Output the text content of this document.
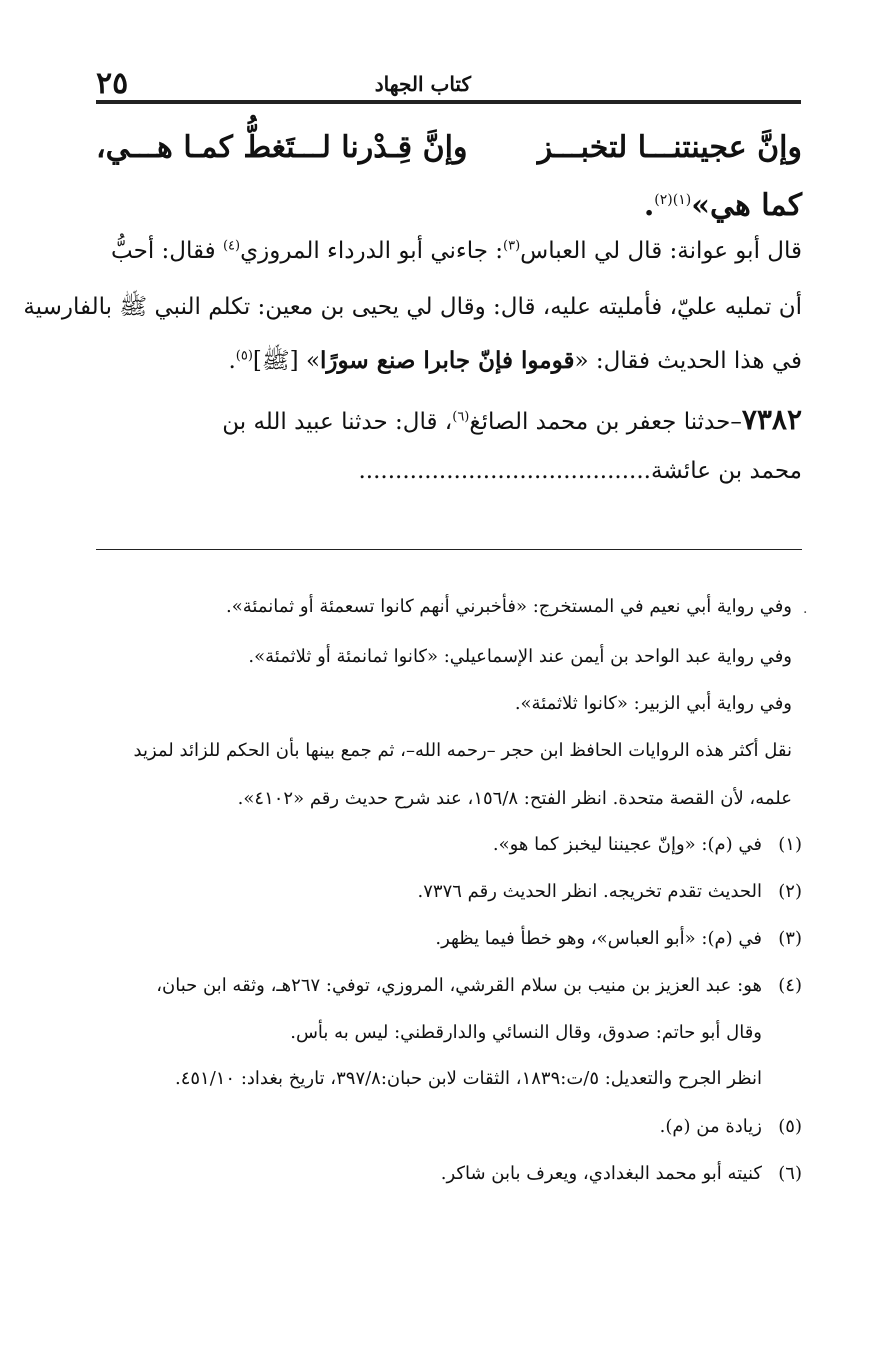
كتاب الجهاد
٢٥
وإنَّ عجينتنـــا لتخبـــز
وإنَّ قِـدْرنا لـــتَغطُّ كمـا هـــي،
كما هي»$^{(١)(٢)}$.
قال أبو عوانة: قال لي العباس$^{(٣)}$: جاءني أبو الدرداء المروزي$^{(٤)}$ فقال: أحبُّ
أن تمليه عليّ، فأمليته عليه، قال: وقال لي يحيى بن معين: تكلم النبي ﷺ بالفارسية
في هذا الحديث فقال: «قوموا فإنّ جابرا صنع سورًا» [ﷺ]$^{(٥)}$.
٧٣٨٢–حدثنا جعفر بن محمد الصائغ$^{(٦)}$، قال: حدثنا عبيد الله بن
محمد بن عائشة........................................
·
وفي رواية أبي نعيم في المستخرج: «فأخبرني أنهم كانوا تسعمئة أو ثمانمئة».
وفي رواية عبد الواحد بن أيمن عند الإسماعيلي: «كانوا ثمانمئة أو ثلاثمئة».
وفي رواية أبي الزبير: «كانوا ثلاثمئة».
نقل أكثر هذه الروايات الحافظ ابن حجر –رحمه الله–، ثم جمع بينها بأن الحكم للزائد لمزيد
علمه، لأن القصة متحدة. انظر الفتح: ١٥٦/٨، عند شرح حديث رقم «٤١٠٢».
(١)في (م): «وإنّ عجيننا ليخبز كما هو».
(٢)الحديث تقدم تخريجه. انظر الحديث رقم ٧٣٧٦.
(٣)في (م): «أبو العباس»، وهو خطأ فيما يظهر.
(٤)هو: عبد العزيز بن منيب بن سلام القرشي، المروزي، توفي: ٢٦٧هـ، وثقه ابن حبان،
وقال أبو حاتم: صدوق، وقال النسائي والدارقطني: ليس به بأس.
انظر الجرح والتعديل: ٥/ت:١٨٣٩، الثقات لابن حبان:٣٩٧/٨، تاريخ بغداد: ٤٥١/١٠.
(٥)زيادة من (م).
(٦)كنيته أبو محمد البغدادي، ويعرف بابن شاكر.
